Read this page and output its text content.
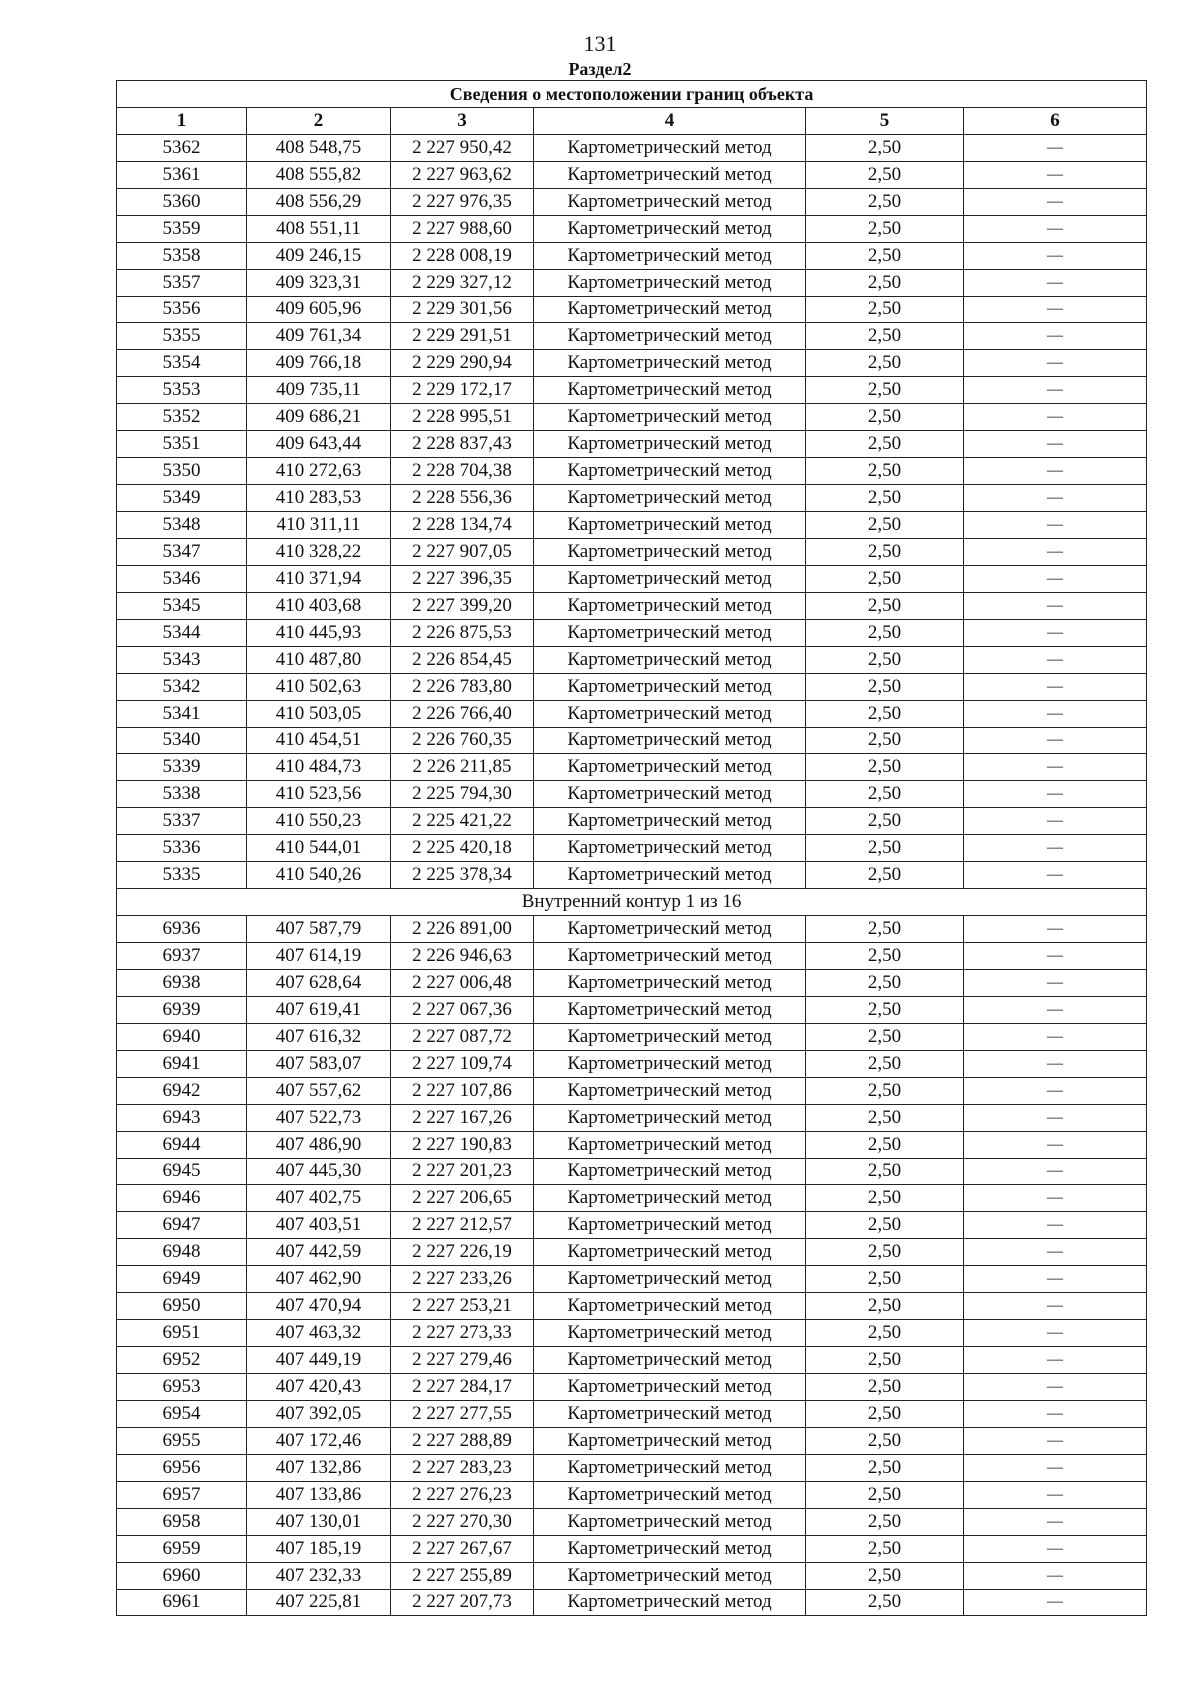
131
Раздел2
Сведения о местоположении границ объекта					
1	2	3	4	5	6
5362	408 548,75	2 227 950,42	Картометрический метод	2,50	—
5361	408 555,82	2 227 963,62	Картометрический метод	2,50	—
5360	408 556,29	2 227 976,35	Картометрический метод	2,50	—
5359	408 551,11	2 227 988,60	Картометрический метод	2,50	—
5358	409 246,15	2 228 008,19	Картометрический метод	2,50	—
5357	409 323,31	2 229 327,12	Картометрический метод	2,50	—
5356	409 605,96	2 229 301,56	Картометрический метод	2,50	—
5355	409 761,34	2 229 291,51	Картометрический метод	2,50	—
5354	409 766,18	2 229 290,94	Картометрический метод	2,50	—
5353	409 735,11	2 229 172,17	Картометрический метод	2,50	—
5352	409 686,21	2 228 995,51	Картометрический метод	2,50	—
5351	409 643,44	2 228 837,43	Картометрический метод	2,50	—
5350	410 272,63	2 228 704,38	Картометрический метод	2,50	—
5349	410 283,53	2 228 556,36	Картометрический метод	2,50	—
5348	410 311,11	2 228 134,74	Картометрический метод	2,50	—
5347	410 328,22	2 227 907,05	Картометрический метод	2,50	—
5346	410 371,94	2 227 396,35	Картометрический метод	2,50	—
5345	410 403,68	2 227 399,20	Картометрический метод	2,50	—
5344	410 445,93	2 226 875,53	Картометрический метод	2,50	—
5343	410 487,80	2 226 854,45	Картометрический метод	2,50	—
5342	410 502,63	2 226 783,80	Картометрический метод	2,50	—
5341	410 503,05	2 226 766,40	Картометрический метод	2,50	—
5340	410 454,51	2 226 760,35	Картометрический метод	2,50	—
5339	410 484,73	2 226 211,85	Картометрический метод	2,50	—
5338	410 523,56	2 225 794,30	Картометрический метод	2,50	—
5337	410 550,23	2 225 421,22	Картометрический метод	2,50	—
5336	410 544,01	2 225 420,18	Картометрический метод	2,50	—
5335	410 540,26	2 225 378,34	Картометрический метод	2,50	—
Внутренний контур 1 из 16					
6936	407 587,79	2 226 891,00	Картометрический метод	2,50	—
6937	407 614,19	2 226 946,63	Картометрический метод	2,50	—
6938	407 628,64	2 227 006,48	Картометрический метод	2,50	—
6939	407 619,41	2 227 067,36	Картометрический метод	2,50	—
6940	407 616,32	2 227 087,72	Картометрический метод	2,50	—
6941	407 583,07	2 227 109,74	Картометрический метод	2,50	—
6942	407 557,62	2 227 107,86	Картометрический метод	2,50	—
6943	407 522,73	2 227 167,26	Картометрический метод	2,50	—
6944	407 486,90	2 227 190,83	Картометрический метод	2,50	—
6945	407 445,30	2 227 201,23	Картометрический метод	2,50	—
6946	407 402,75	2 227 206,65	Картометрический метод	2,50	—
6947	407 403,51	2 227 212,57	Картометрический метод	2,50	—
6948	407 442,59	2 227 226,19	Картометрический метод	2,50	—
6949	407 462,90	2 227 233,26	Картометрический метод	2,50	—
6950	407 470,94	2 227 253,21	Картометрический метод	2,50	—
6951	407 463,32	2 227 273,33	Картометрический метод	2,50	—
6952	407 449,19	2 227 279,46	Картометрический метод	2,50	—
6953	407 420,43	2 227 284,17	Картометрический метод	2,50	—
6954	407 392,05	2 227 277,55	Картометрический метод	2,50	—
6955	407 172,46	2 227 288,89	Картометрический метод	2,50	—
6956	407 132,86	2 227 283,23	Картометрический метод	2,50	—
6957	407 133,86	2 227 276,23	Картометрический метод	2,50	—
6958	407 130,01	2 227 270,30	Картометрический метод	2,50	—
6959	407 185,19	2 227 267,67	Картометрический метод	2,50	—
6960	407 232,33	2 227 255,89	Картометрический метод	2,50	—
6961	407 225,81	2 227 207,73	Картометрический метод	2,50	—
